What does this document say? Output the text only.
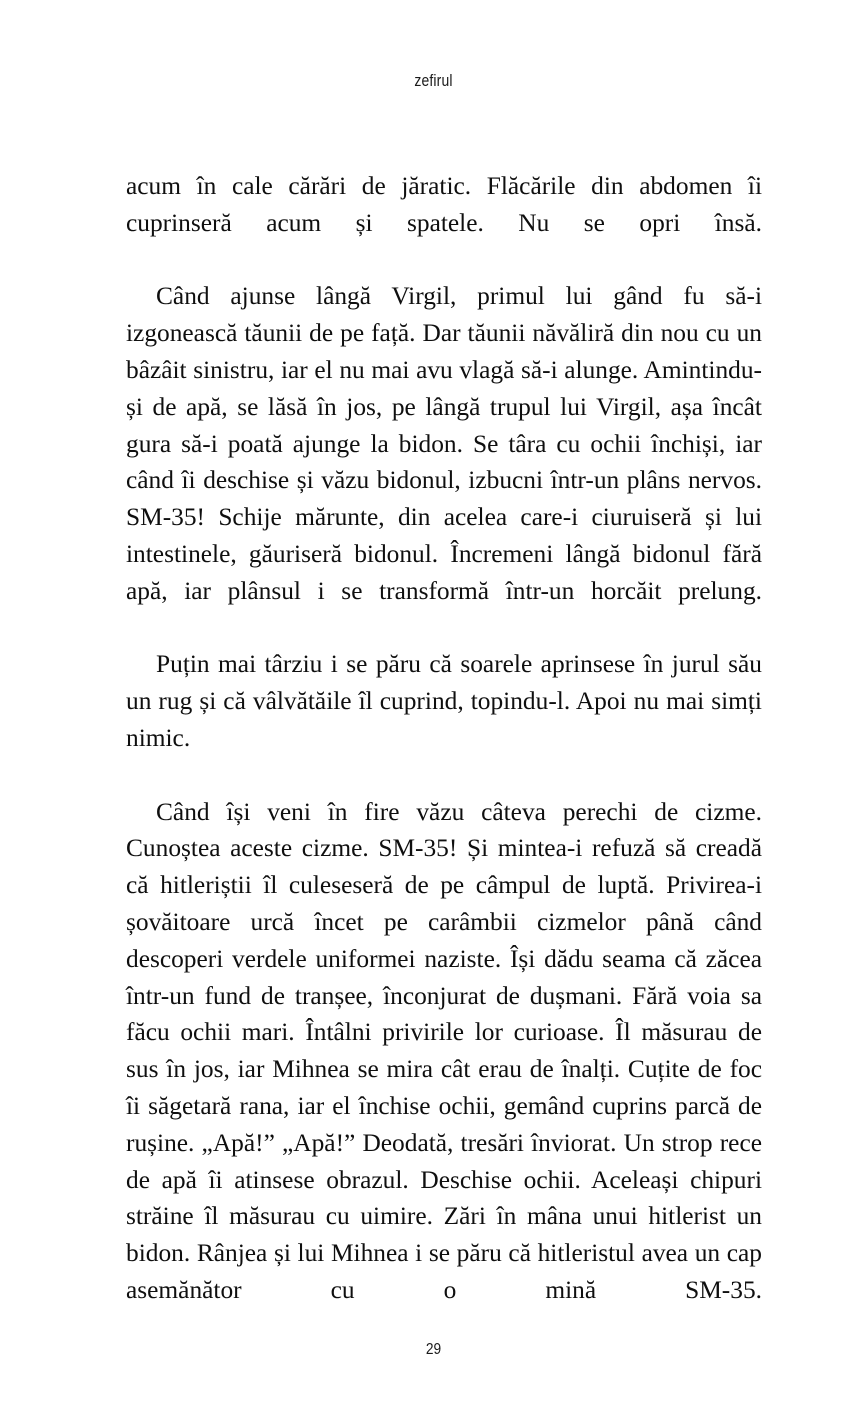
zefirul

acum în cale cărări de jăratic. Flăcările din abdomen îi cuprinseră acum și spatele. Nu se opri însă.

Când ajunse lângă Virgil, primul lui gând fu să-i izgonească tăunii de pe față. Dar tăunii năvăliră din nou cu un bâzâit sinistru, iar el nu mai avu vlagă să-i alunge. Amintindu-și de apă, se lăsă în jos, pe lângă trupul lui Virgil, așa încât gura să-i poată ajunge la bidon. Se târa cu ochii închiși, iar când îi deschise și văzu bidonul, izbucni într-un plâns nervos. SM-35! Schije mărunte, din acelea care-i ciuruiseră și lui intestinele, găuriseră bidonul. Încremeni lângă bidonul fără apă, iar plânsul i se transformă într-un horcăit prelung.

Puțin mai târziu i se păru că soarele aprinsese în jurul său un rug și că vâlvătăile îl cuprind, topindu-l. Apoi nu mai simți nimic.

Când își veni în fire văzu câteva perechi de cizme. Cunoștea aceste cizme. SM-35! Și mintea-i refuză să creadă că hitleriștii îl culeseseră de pe câmpul de luptă. Privirea-i șovăitoare urcă încet pe carâmbii cizmelor până când descoperi verdele uniformei naziste. Își dădu seama că zăcea într-un fund de tranșee, înconjurat de dușmani. Fără voia sa făcu ochii mari. Întâlni privirile lor curioase. Îl măsurau de sus în jos, iar Mihnea se mira cât erau de înalți. Cuțite de foc îi săgetară rana, iar el închise ochii, gemând cuprins parcă de rușine. „Apă!” „Apă!” Deodată, tresări înviorat. Un strop rece de apă îi atinsese obrazul. Deschise ochii. Aceleași chipuri străine îl măsurau cu uimire. Zări în mâna unui hitlerist un bidon. Rânjea și lui Mihnea i se păru că hitleristul avea un cap asemănător cu o mină SM-35.

29
